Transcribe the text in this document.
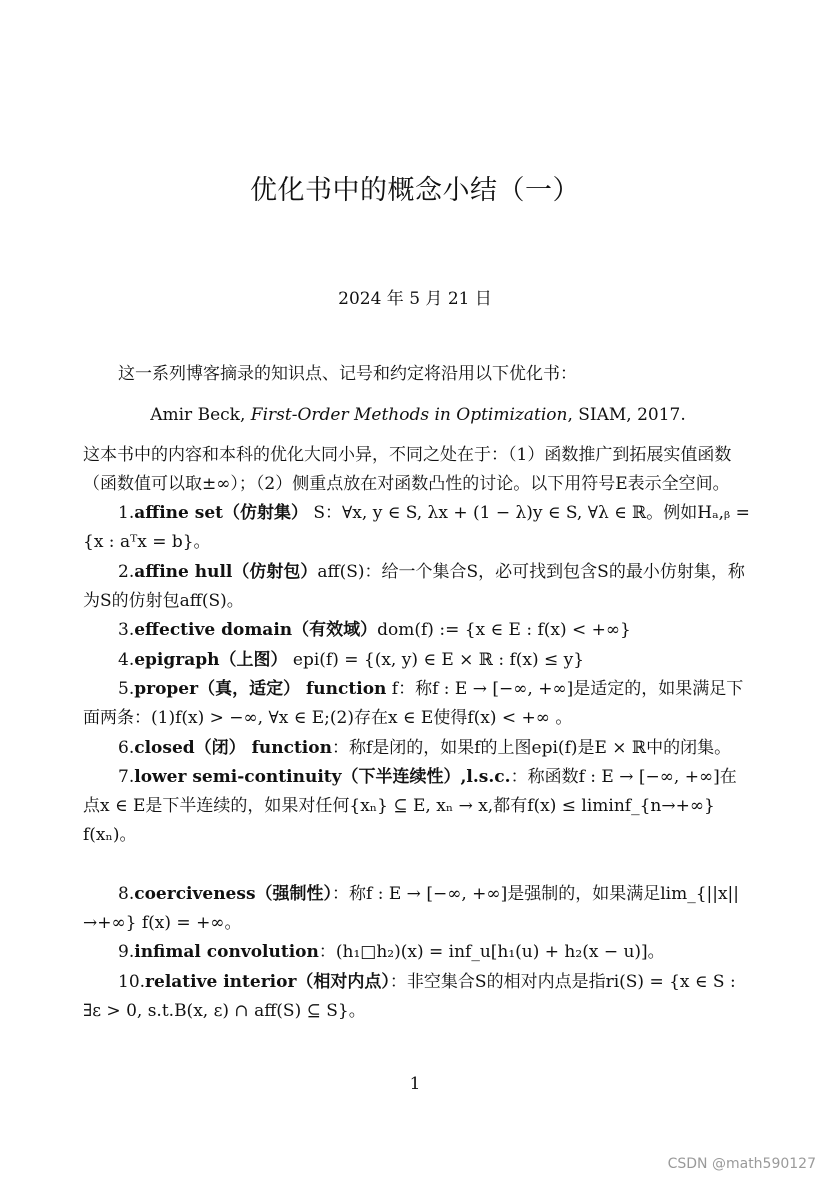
优化书中的概念小结（一）
2024 年 5 月 21 日

这一系列博客摘录的知识点、记号和约定将沿用以下优化书：

Amir Beck, First-Order Methods in Optimization, SIAM, 2017.

这本书中的内容和本科的优化大同小异，不同之处在于：（1）函数推广到拓展实值函数（函数值可以取±∞）；（2）侧重点放在对函数凸性的讨论。以下用符号E表示全空间。

1.affine set（仿射集） S：∀x, y ∈ S, λx + (1 − λ)y ∈ S, ∀λ ∈ ℝ。例如Hₐ,ᵦ = {x : aᵀx = b}。

2.affine hull（仿射包）aff(S)：给一个集合S，必可找到包含S的最小仿射集，称为S的仿射包aff(S)。

3.effective domain（有效域）dom(f) := {x ∈ E : f(x) < +∞}

4.epigraph（上图） epi(f) = {(x, y) ∈ E × ℝ : f(x) ≤ y}

5.proper（真，适定） function f：称f : E → [−∞, +∞]是适定的，如果满足下面两条：(1)f(x) > −∞, ∀x ∈ E;(2)存在x ∈ E使得f(x) < +∞ 。

6.closed（闭） function：称f是闭的，如果f的上图epi(f)是E × ℝ中的闭集。

7.lower semi-continuity（下半连续性）,l.s.c.：称函数f : E → [−∞, +∞]在点x ∈ E是下半连续的，如果对任何{xₙ} ⊆ E, xₙ → x,都有f(x) ≤ liminf_{n→+∞} f(xₙ)。

8.coerciveness（强制性）：称f : E → [−∞, +∞]是强制的，如果满足lim_{||x||→+∞} f(x) = +∞。

9.infimal convolution：(h₁□h₂)(x) = inf_u[h₁(u) + h₂(x − u)]。

10.relative interior（相对内点）：非空集合S的相对内点是指ri(S) = {x ∈ S : ∃ε > 0, s.t.B(x, ε) ∩ aff(S) ⊆ S}。

1
CSDN @math590127
